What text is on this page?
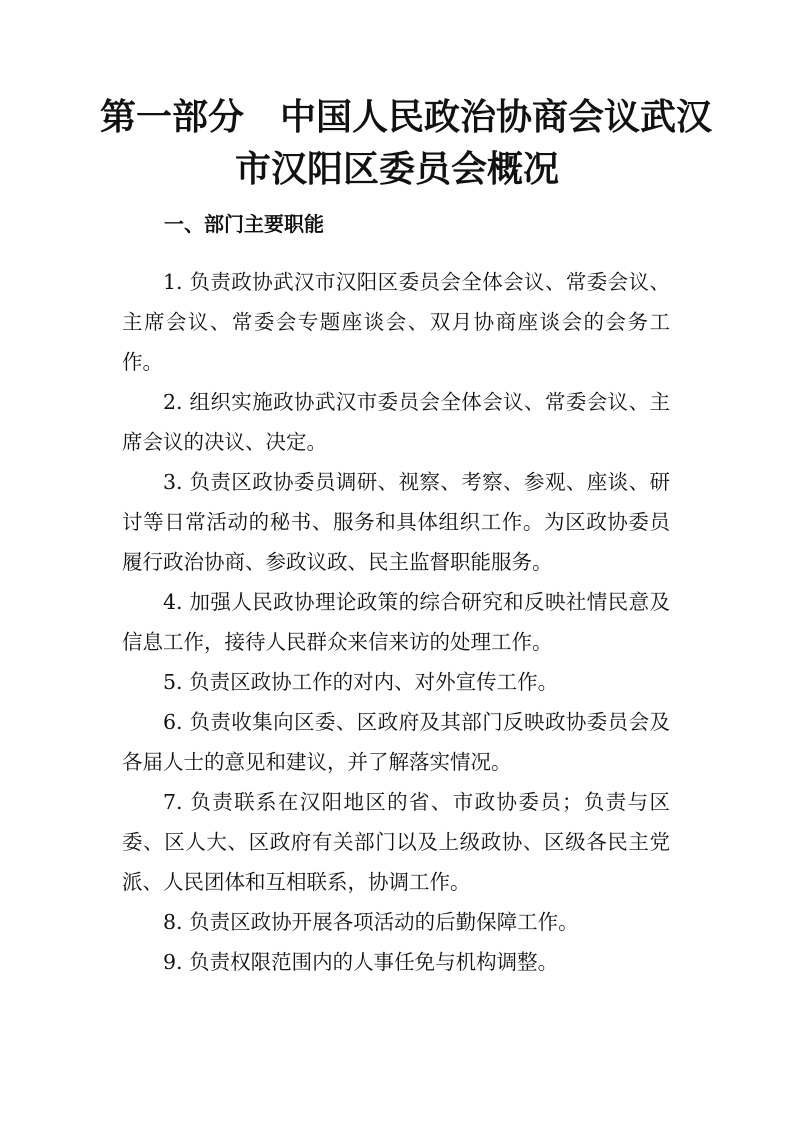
第一部分　中国人民政治协商会议武汉
市汉阳区委员会概况
一、部门主要职能

1. 负责政协武汉市汉阳区委员会全体会议、常委会议、主席会议、常委会专题座谈会、双月协商座谈会的会务工作。

2. 组织实施政协武汉市委员会全体会议、常委会议、主席会议的决议、决定。

3. 负责区政协委员调研、视察、考察、参观、座谈、研讨等日常活动的秘书、服务和具体组织工作。为区政协委员履行政治协商、参政议政、民主监督职能服务。

4. 加强人民政协理论政策的综合研究和反映社情民意及信息工作，接待人民群众来信来访的处理工作。

5. 负责区政协工作的对内、对外宣传工作。

6. 负责收集向区委、区政府及其部门反映政协委员会及各届人士的意见和建议，并了解落实情况。

7. 负责联系在汉阳地区的省、市政协委员；负责与区委、区人大、区政府有关部门以及上级政协、区级各民主党派、人民团体和互相联系，协调工作。

8. 负责区政协开展各项活动的后勤保障工作。

9. 负责权限范围内的人事任免与机构调整。
